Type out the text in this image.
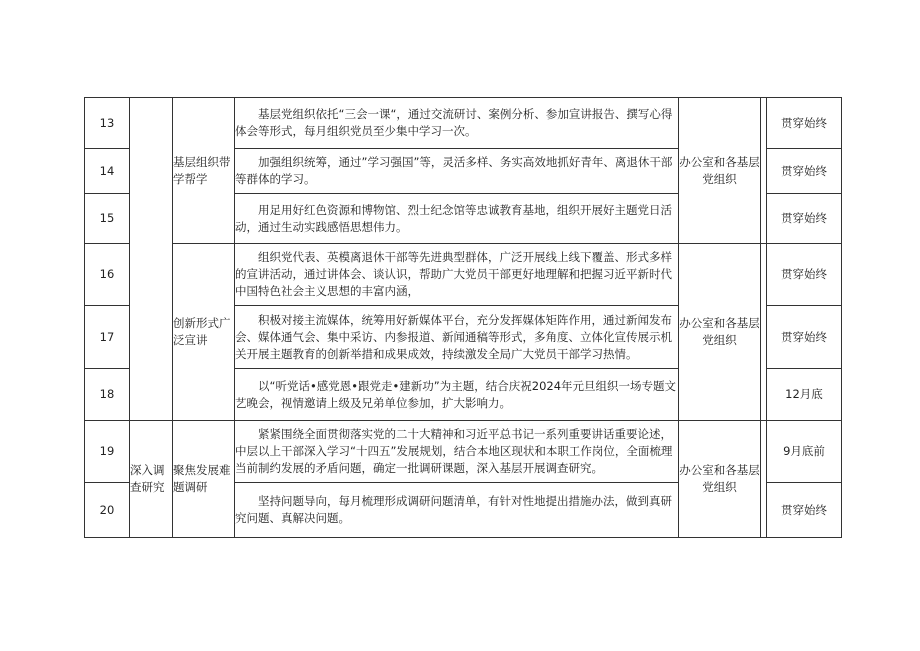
13		基层组织带学帮学	基层党组织依托“三会一课“，通过交流研讨、案例分析、参加宣讲报告、撰写心得体会等形式，每月组织党员至少集中学习一次。	办公室和各基层党组织		贯穿始终
14			加强组织统筹，通过”学习强国”等，灵活多样、务实高效地抓好青年、离退休干部等群体的学习。			贯穿始终
15			用足用好红色资源和博物馆、烈士纪念馆等忠诚教育基地，组织开展好主题党日活动，通过生动实践感悟思想伟力。			贯穿始终
16		创新形式广泛宣讲	组织党代表、英模离退休干部等先进典型群体，广泛开展线上线下覆盖、形式多样的宣讲活动，通过讲体会、谈认识，帮助广大党员干部更好地理解和把握习近平新时代中国特色社会主义思想的丰富内涵，	办公室和各基层党组织		贯穿始终
17			积极对接主流媒体，统筹用好新媒体平台，充分发挥媒体矩阵作用，通过新闻发布会、媒体通气会、集中采访、内参报道、新闻通稿等形式，多角度、立体化宣传展示机关开展主题教育的创新举措和成果成效，持续激发全局广大党员干部学习热情。			贯穿始终
18			以“听党话•感党恩•跟党走•建新功”为主题，结合庆祝2024年元旦组织一场专题文艺晚会，视情邀请上级及兄弟单位参加，扩大影响力。			12月底
19	深入调查研究	聚焦发展难题调研	紧紧围绕全面贯彻落实党的二十大精神和习近平总书记一系列重要讲话重要论述，中层以上干部深入学习“十四五”发展规划，结合本地区现状和本职工作岗位，全面梳理当前制约发展的矛盾问题，确定一批调研课题，深入基层开展调查研究。	办公室和各基层党组织		9月底前
20			坚持问题导向，每月梳理形成调研问题清单，有针对性地提出措施办法，做到真研究问题、真解决问题。			贯穿始终
